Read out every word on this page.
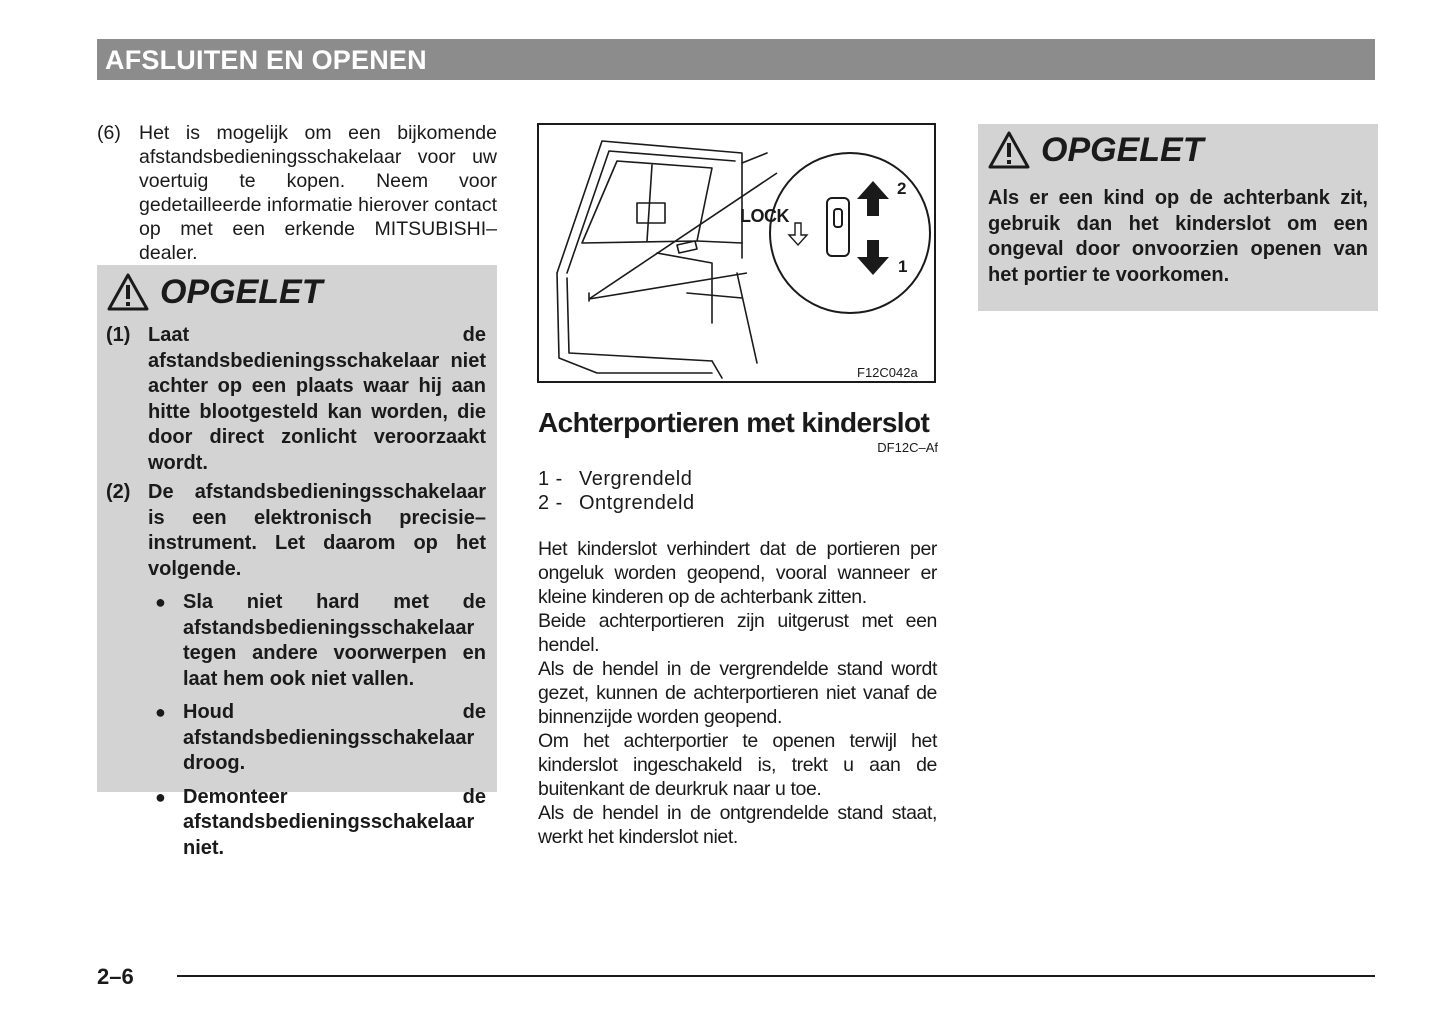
AFSLUITEN EN OPENEN
(6) Het is mogelijk om een bijkomende afstandsbedieningsschakelaar voor uw voertuig te kopen. Neem voor gedetailleerde informatie hierover contact op met een erkende MITSUBISHI–dealer.
OPGELET
(1) Laat de afstandsbedieningsschakelaar niet achter op een plaats waar hij aan hitte blootgesteld kan worden, die door direct zonlicht veroorzaakt wordt.
(2) De afstandsbedieningsschakelaar is een elektronisch precisie–instrument. Let daarom op het volgende.
● Sla niet hard met de afstandsbedieningsschakelaar tegen andere voorwerpen en laat hem ook niet vallen.
● Houd de afstandsbedieningsschakelaar droog.
● Demonteer de afstandsbedieningsschakelaar niet.
LOCK
2
1
F12C042a
Achterportieren met kinderslot
DF12C–Af
1 - Vergrendeld
2 - Ontgrendeld

Het kinderslot verhindert dat de portieren per ongeluk worden geopend, vooral wanneer er kleine kinderen op de achterbank zitten.

Beide achterportieren zijn uitgerust met een hendel.

Als de hendel in de vergrendelde stand wordt gezet, kunnen de achterportieren niet vanaf de binnenzijde worden geopend.

Om het achterportier te openen terwijl het kinderslot ingeschakeld is, trekt u aan de buitenkant de deurkruk naar u toe.

Als de hendel in de ontgrendelde stand staat, werkt het kinderslot niet.

OPGELET
Als er een kind op de achterbank zit, gebruik dan het kinderslot om een ongeval door onvoorzien openen van het portier te voorkomen.
2–6
